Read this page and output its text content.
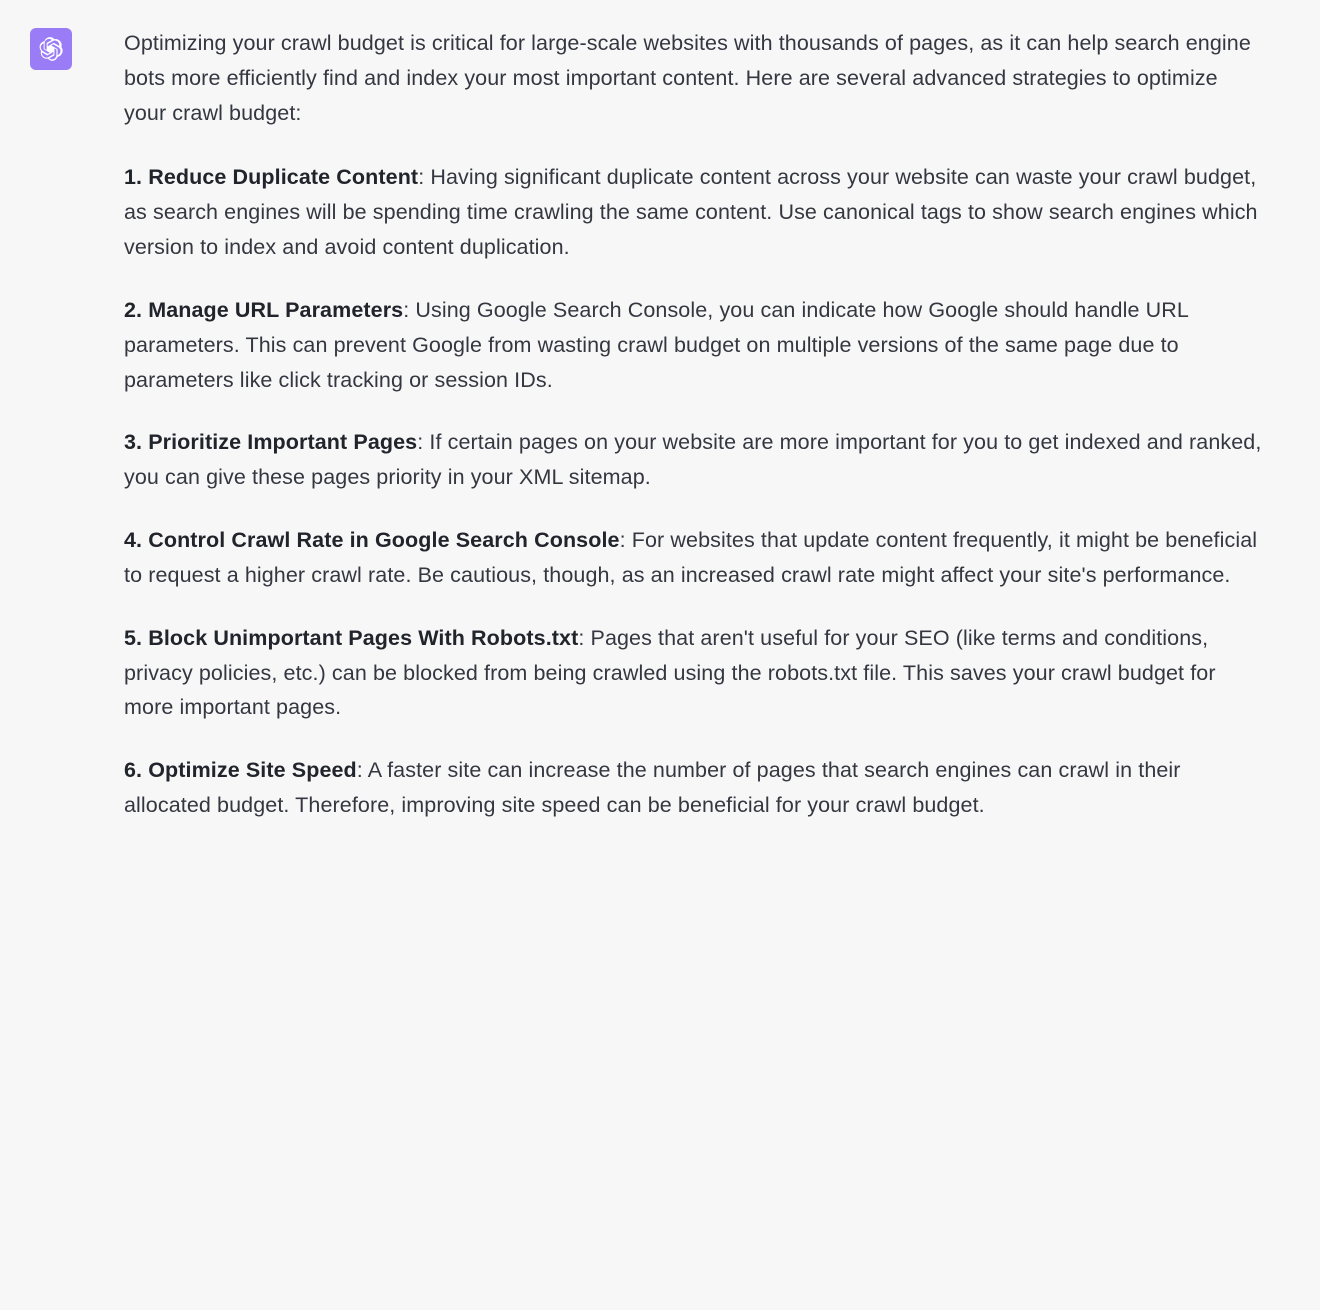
Optimizing your crawl budget is critical for large-scale websites with thousands of pages, as it can help search engine bots more efficiently find and index your most important content. Here are several advanced strategies to optimize your crawl budget:

1. Reduce Duplicate Content: Having significant duplicate content across your website can waste your crawl budget, as search engines will be spending time crawling the same content. Use canonical tags to show search engines which version to index and avoid content duplication.

2. Manage URL Parameters: Using Google Search Console, you can indicate how Google should handle URL parameters. This can prevent Google from wasting crawl budget on multiple versions of the same page due to parameters like click tracking or session IDs.

3. Prioritize Important Pages: If certain pages on your website are more important for you to get indexed and ranked, you can give these pages priority in your XML sitemap.

4. Control Crawl Rate in Google Search Console: For websites that update content frequently, it might be beneficial to request a higher crawl rate. Be cautious, though, as an increased crawl rate might affect your site's performance.

5. Block Unimportant Pages With Robots.txt: Pages that aren't useful for your SEO (like terms and conditions, privacy policies, etc.) can be blocked from being crawled using the robots.txt file. This saves your crawl budget for more important pages.

6. Optimize Site Speed: A faster site can increase the number of pages that search engines can crawl in their allocated budget. Therefore, improving site speed can be beneficial for your crawl budget.
